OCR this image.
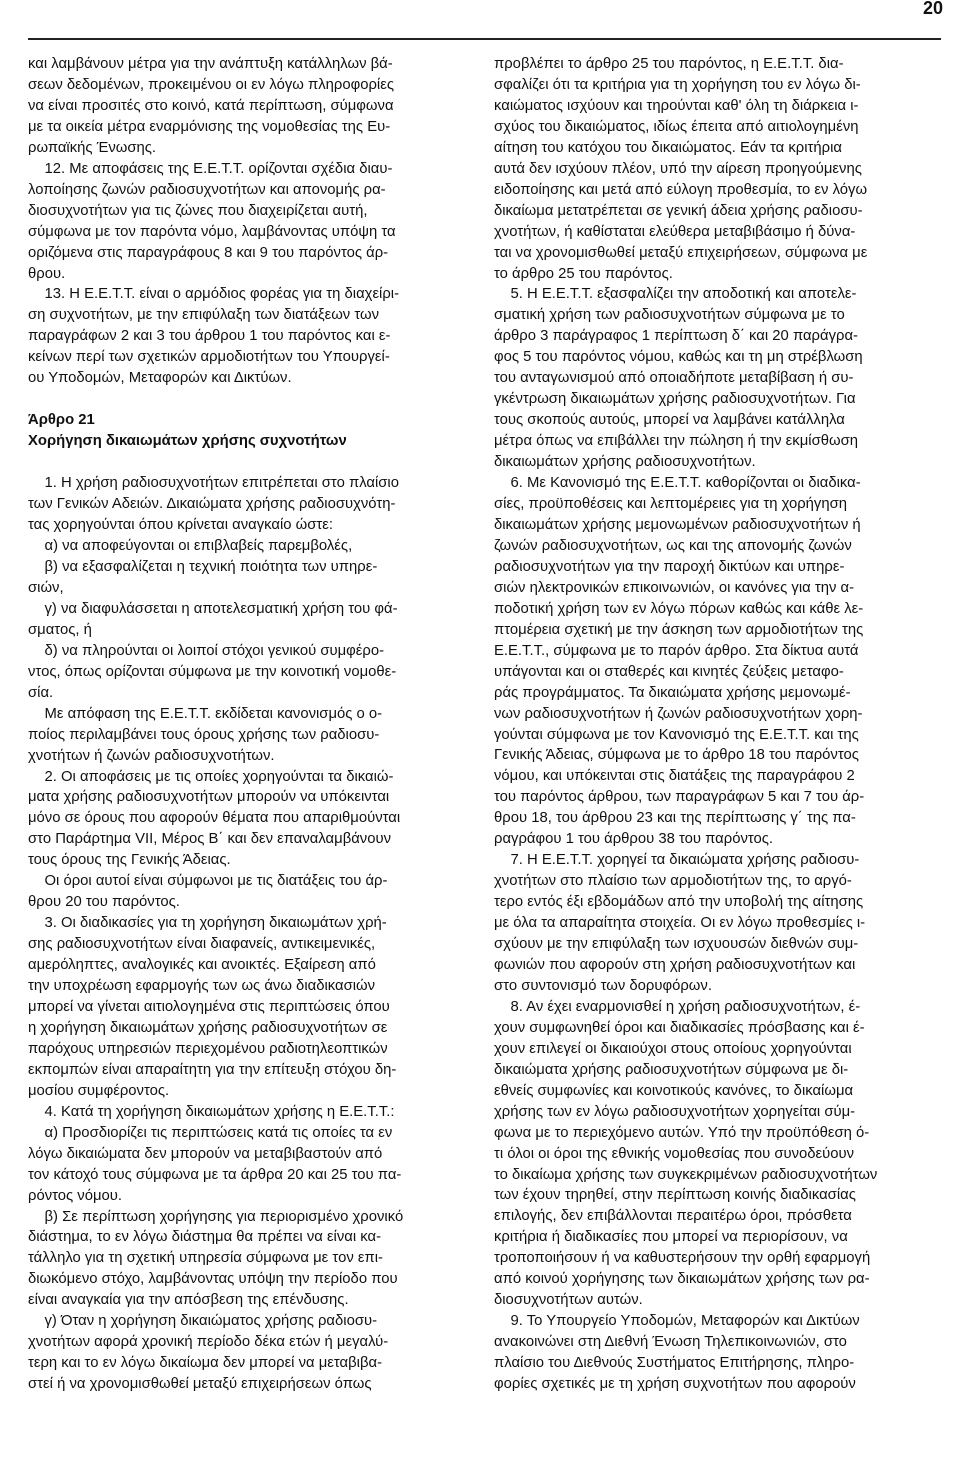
20

και λαμβάνουν μέτρα για την ανάπτυξη κατάλληλων βά-

σεων δεδομένων, προκειμένου οι εν λόγω πληροφορίες

να είναι προσιτές στο κοινό, κατά περίπτωση, σύμφωνα

με τα οικεία μέτρα εναρμόνισης της νομοθεσίας της Ευ-

ρωπαϊκής Ένωσης.

12. Με αποφάσεις της Ε.Ε.Τ.Τ. ορίζονται σχέδια διαυ-

λοποίησης ζωνών ραδιοσυχνοτήτων και απονομής ρα-

διοσυχνοτήτων για τις ζώνες που διαχειρίζεται αυτή,

σύμφωνα με τον παρόντα νόμο, λαμβάνοντας υπόψη τα

οριζόμενα στις παραγράφους 8 και 9 του παρόντος άρ-

θρου.

13. Η Ε.Ε.Τ.Τ. είναι ο αρμόδιος φορέας για τη διαχείρι-

ση συχνοτήτων, με την επιφύλαξη των διατάξεων των

παραγράφων 2 και 3 του άρθρου 1 του παρόντος και ε-

κείνων περί των σχετικών αρμοδιοτήτων του Υπουργεί-

ου Υποδομών, Μεταφορών και Δικτύων.

Άρθρο 21

Χορήγηση δικαιωμάτων χρήσης συχνοτήτων

1. Η χρήση ραδιοσυχνοτήτων επιτρέπεται στο πλαίσιο

των Γενικών Αδειών. Δικαιώματα χρήσης ραδιοσυχνότη-

τας χορηγούνται όπου κρίνεται αναγκαίο ώστε:

α) να αποφεύγονται οι επιβλαβείς παρεμβολές,

β) να εξασφαλίζεται η τεχνική ποιότητα των υπηρε-

σιών,

γ) να διαφυλάσσεται η αποτελεσματική χρήση του φά-

σματος, ή

δ) να πληρούνται οι λοιποί στόχοι γενικού συμφέρο-

ντος, όπως ορίζονται σύμφωνα με την κοινοτική νομοθε-

σία.

Με απόφαση της Ε.Ε.Τ.Τ. εκδίδεται κανονισμός ο ο-

ποίος περιλαμβάνει τους όρους χρήσης των ραδιοσυ-

χνοτήτων ή ζωνών ραδιοσυχνοτήτων.

2. Οι αποφάσεις με τις οποίες χορηγούνται τα δικαιώ-

ματα χρήσης ραδιοσυχνοτήτων μπορούν να υπόκεινται

μόνο σε όρους που αφορούν θέματα που απαριθμούνται

στο Παράρτημα VII, Μέρος Β΄ και δεν επαναλαμβάνουν

τους όρους της Γενικής Άδειας.

Οι όροι αυτοί είναι σύμφωνοι με τις διατάξεις του άρ-

θρου 20 του παρόντος.

3. Οι διαδικασίες για τη χορήγηση δικαιωμάτων χρή-

σης ραδιοσυχνοτήτων είναι διαφανείς, αντικειμενικές,

αμερόληπτες, αναλογικές και ανοικτές. Εξαίρεση από

την υποχρέωση εφαρμογής των ως άνω διαδικασιών

μπορεί να γίνεται αιτιολογημένα στις περιπτώσεις όπου

η χορήγηση δικαιωμάτων χρήσης ραδιοσυχνοτήτων σε

παρόχους υπηρεσιών περιεχομένου ραδιοτηλεοπτικών

εκπομπών είναι απαραίτητη για την επίτευξη στόχου δη-

μοσίου συμφέροντος.

4. Κατά τη χορήγηση δικαιωμάτων χρήσης η Ε.Ε.Τ.Τ.:

α) Προσδιορίζει τις περιπτώσεις κατά τις οποίες τα εν

λόγω δικαιώματα δεν μπορούν να μεταβιβαστούν από

τον κάτοχό τους σύμφωνα με τα άρθρα 20 και 25 του πα-

ρόντος νόμου.

β) Σε περίπτωση χορήγησης για περιορισμένο χρονικό

διάστημα, το εν λόγω διάστημα θα πρέπει να είναι κα-

τάλληλο για τη σχετική υπηρεσία σύμφωνα με τον επι-

διωκόμενο στόχο, λαμβάνοντας υπόψη την περίοδο που

είναι αναγκαία για την απόσβεση της επένδυσης.

γ) Όταν η χορήγηση δικαιώματος χρήσης ραδιοσυ-

χνοτήτων αφορά χρονική περίοδο δέκα ετών ή μεγαλύ-

τερη και το εν λόγω δικαίωμα δεν μπορεί να μεταβιβα-

στεί ή να χρονομισθωθεί μεταξύ επιχειρήσεων όπως

προβλέπει το άρθρο 25 του παρόντος, η Ε.Ε.Τ.Τ. δια-

σφαλίζει ότι τα κριτήρια για τη χορήγηση του εν λόγω δι-

καιώματος ισχύουν και τηρούνται καθ' όλη τη διάρκεια ι-

σχύος του δικαιώματος, ιδίως έπειτα από αιτιολογημένη

αίτηση του κατόχου του δικαιώματος. Εάν τα κριτήρια

αυτά δεν ισχύουν πλέον, υπό την αίρεση προηγούμενης

ειδοποίησης και μετά από εύλογη προθεσμία, το εν λόγω

δικαίωμα μετατρέπεται σε γενική άδεια χρήσης ραδιοσυ-

χνοτήτων, ή καθίσταται ελεύθερα μεταβιβάσιμο ή δύνα-

ται να χρονομισθωθεί μεταξύ επιχειρήσεων, σύμφωνα με

το άρθρο 25 του παρόντος.

5. Η Ε.Ε.Τ.Τ. εξασφαλίζει την αποδοτική και αποτελε-

σματική χρήση των ραδιοσυχνοτήτων σύμφωνα με το

άρθρο 3 παράγραφος 1 περίπτωση δ΄ και 20 παράγρα-

φος 5 του παρόντος νόμου, καθώς και τη μη στρέβλωση

του ανταγωνισμού από οποιαδήποτε μεταβίβαση ή συ-

γκέντρωση δικαιωμάτων χρήσης ραδιοσυχνοτήτων. Για

τους σκοπούς αυτούς, μπορεί να λαμβάνει κατάλληλα

μέτρα όπως να επιβάλλει την πώληση ή την εκμίσθωση

δικαιωμάτων χρήσης ραδιοσυχνοτήτων.

6. Με Κανονισμό της Ε.Ε.Τ.Τ. καθορίζονται οι διαδικα-

σίες, προϋποθέσεις και λεπτομέρειες για τη χορήγηση

δικαιωμάτων χρήσης μεμονωμένων ραδιοσυχνοτήτων ή

ζωνών ραδιοσυχνοτήτων, ως και της απονομής ζωνών

ραδιοσυχνοτήτων για την παροχή δικτύων και υπηρε-

σιών ηλεκτρονικών επικοινωνιών, οι κανόνες για την α-

ποδοτική χρήση των εν λόγω πόρων καθώς και κάθε λε-

πτομέρεια σχετική με την άσκηση των αρμοδιοτήτων της

Ε.Ε.Τ.Τ., σύμφωνα με το παρόν άρθρο. Στα δίκτυα αυτά

υπάγονται και οι σταθερές και κινητές ζεύξεις μεταφο-

ράς προγράμματος. Τα δικαιώματα χρήσης μεμονωμέ-

νων ραδιοσυχνοτήτων ή ζωνών ραδιοσυχνοτήτων χορη-

γούνται σύμφωνα με τον Κανονισμό της Ε.Ε.Τ.Τ. και της

Γενικής Άδειας, σύμφωνα με το άρθρο 18 του παρόντος

νόμου, και υπόκεινται στις διατάξεις της παραγράφου 2

του παρόντος άρθρου, των παραγράφων 5 και 7 του άρ-

θρου 18, του άρθρου 23 και της περίπτωσης γ΄ της πα-

ραγράφου 1 του άρθρου 38 του παρόντος.

7. Η Ε.Ε.Τ.Τ. χορηγεί τα δικαιώματα χρήσης ραδιοσυ-

χνοτήτων στο πλαίσιο των αρμοδιοτήτων της, το αργό-

τερο εντός έξι εβδομάδων από την υποβολή της αίτησης

με όλα τα απαραίτητα στοιχεία. Οι εν λόγω προθεσμίες ι-

σχύουν με την επιφύλαξη των ισχυουσών διεθνών συμ-

φωνιών που αφορούν στη χρήση ραδιοσυχνοτήτων και

στο συντονισμό των δορυφόρων.

8. Αν έχει εναρμονισθεί η χρήση ραδιοσυχνοτήτων, έ-

χουν συμφωνηθεί όροι και διαδικασίες πρόσβασης και έ-

χουν επιλεγεί οι δικαιούχοι στους οποίους χορηγούνται

δικαιώματα χρήσης ραδιοσυχνοτήτων σύμφωνα με δι-

εθνείς συμφωνίες και κοινοτικούς κανόνες, το δικαίωμα

χρήσης των εν λόγω ραδιοσυχνοτήτων χορηγείται σύμ-

φωνα με το περιεχόμενο αυτών. Υπό την προϋπόθεση ό-

τι όλοι οι όροι της εθνικής νομοθεσίας που συνοδεύουν

το δικαίωμα χρήσης των συγκεκριμένων ραδιοσυχνοτήτων

των έχουν τηρηθεί, στην περίπτωση κοινής διαδικασίας

επιλογής, δεν επιβάλλονται περαιτέρω όροι, πρόσθετα

κριτήρια ή διαδικασίες που μπορεί να περιορίσουν, να

τροποποιήσουν ή να καθυστερήσουν την ορθή εφαρμογή

από κοινού χορήγησης των δικαιωμάτων χρήσης των ρα-

διοσυχνοτήτων αυτών.

9. Το Υπουργείο Υποδομών, Μεταφορών και Δικτύων

ανακοινώνει στη Διεθνή Ένωση Τηλεπικοινωνιών, στο

πλαίσιο του Διεθνούς Συστήματος Επιτήρησης, πληρο-

φορίες σχετικές με τη χρήση συχνοτήτων που αφορούν
